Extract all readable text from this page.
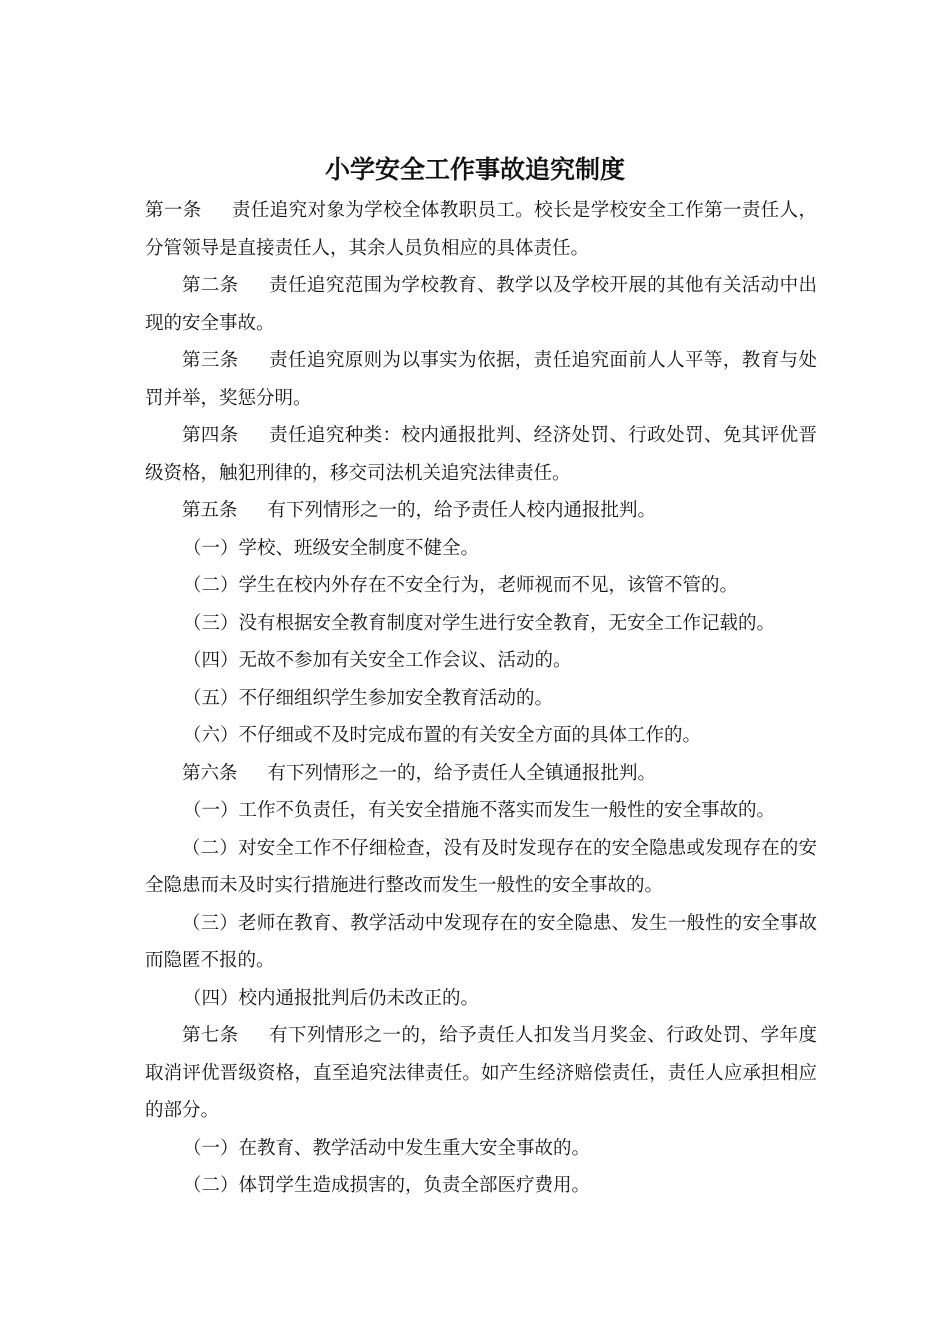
小学安全工作事故追究制度

第一条 责任追究对象为学校全体教职员工。校长是学校安全工作第一责任人，分管领导是直接责任人，其余人员负相应的具体责任。

第二条 责任追究范围为学校教育、教学以及学校开展的其他有关活动中出现的安全事故。

第三条 责任追究原则为以事实为依据，责任追究面前人人平等，教育与处罚并举，奖惩分明。

第四条 责任追究种类：校内通报批判、经济处罚、行政处罚、免其评优晋级资格，触犯刑律的，移交司法机关追究法律责任。

第五条 有下列情形之一的，给予责任人校内通报批判。

（一）学校、班级安全制度不健全。

（二）学生在校内外存在不安全行为，老师视而不见，该管不管的。

（三）没有根据安全教育制度对学生进行安全教育，无安全工作记载的。

（四）无故不参加有关安全工作会议、活动的。

（五）不仔细组织学生参加安全教育活动的。

（六）不仔细或不及时完成布置的有关安全方面的具体工作的。

第六条 有下列情形之一的，给予责任人全镇通报批判。

（一）工作不负责任，有关安全措施不落实而发生一般性的安全事故的。

（二）对安全工作不仔细检查，没有及时发现存在的安全隐患或发现存在的安全隐患而未及时实行措施进行整改而发生一般性的安全事故的。

（三）老师在教育、教学活动中发现存在的安全隐患、发生一般性的安全事故而隐匿不报的。

（四）校内通报批判后仍未改正的。

第七条 有下列情形之一的，给予责任人扣发当月奖金、行政处罚、学年度取消评优晋级资格，直至追究法律责任。如产生经济赔偿责任，责任人应承担相应的部分。

（一）在教育、教学活动中发生重大安全事故的。

（二）体罚学生造成损害的，负责全部医疗费用。
